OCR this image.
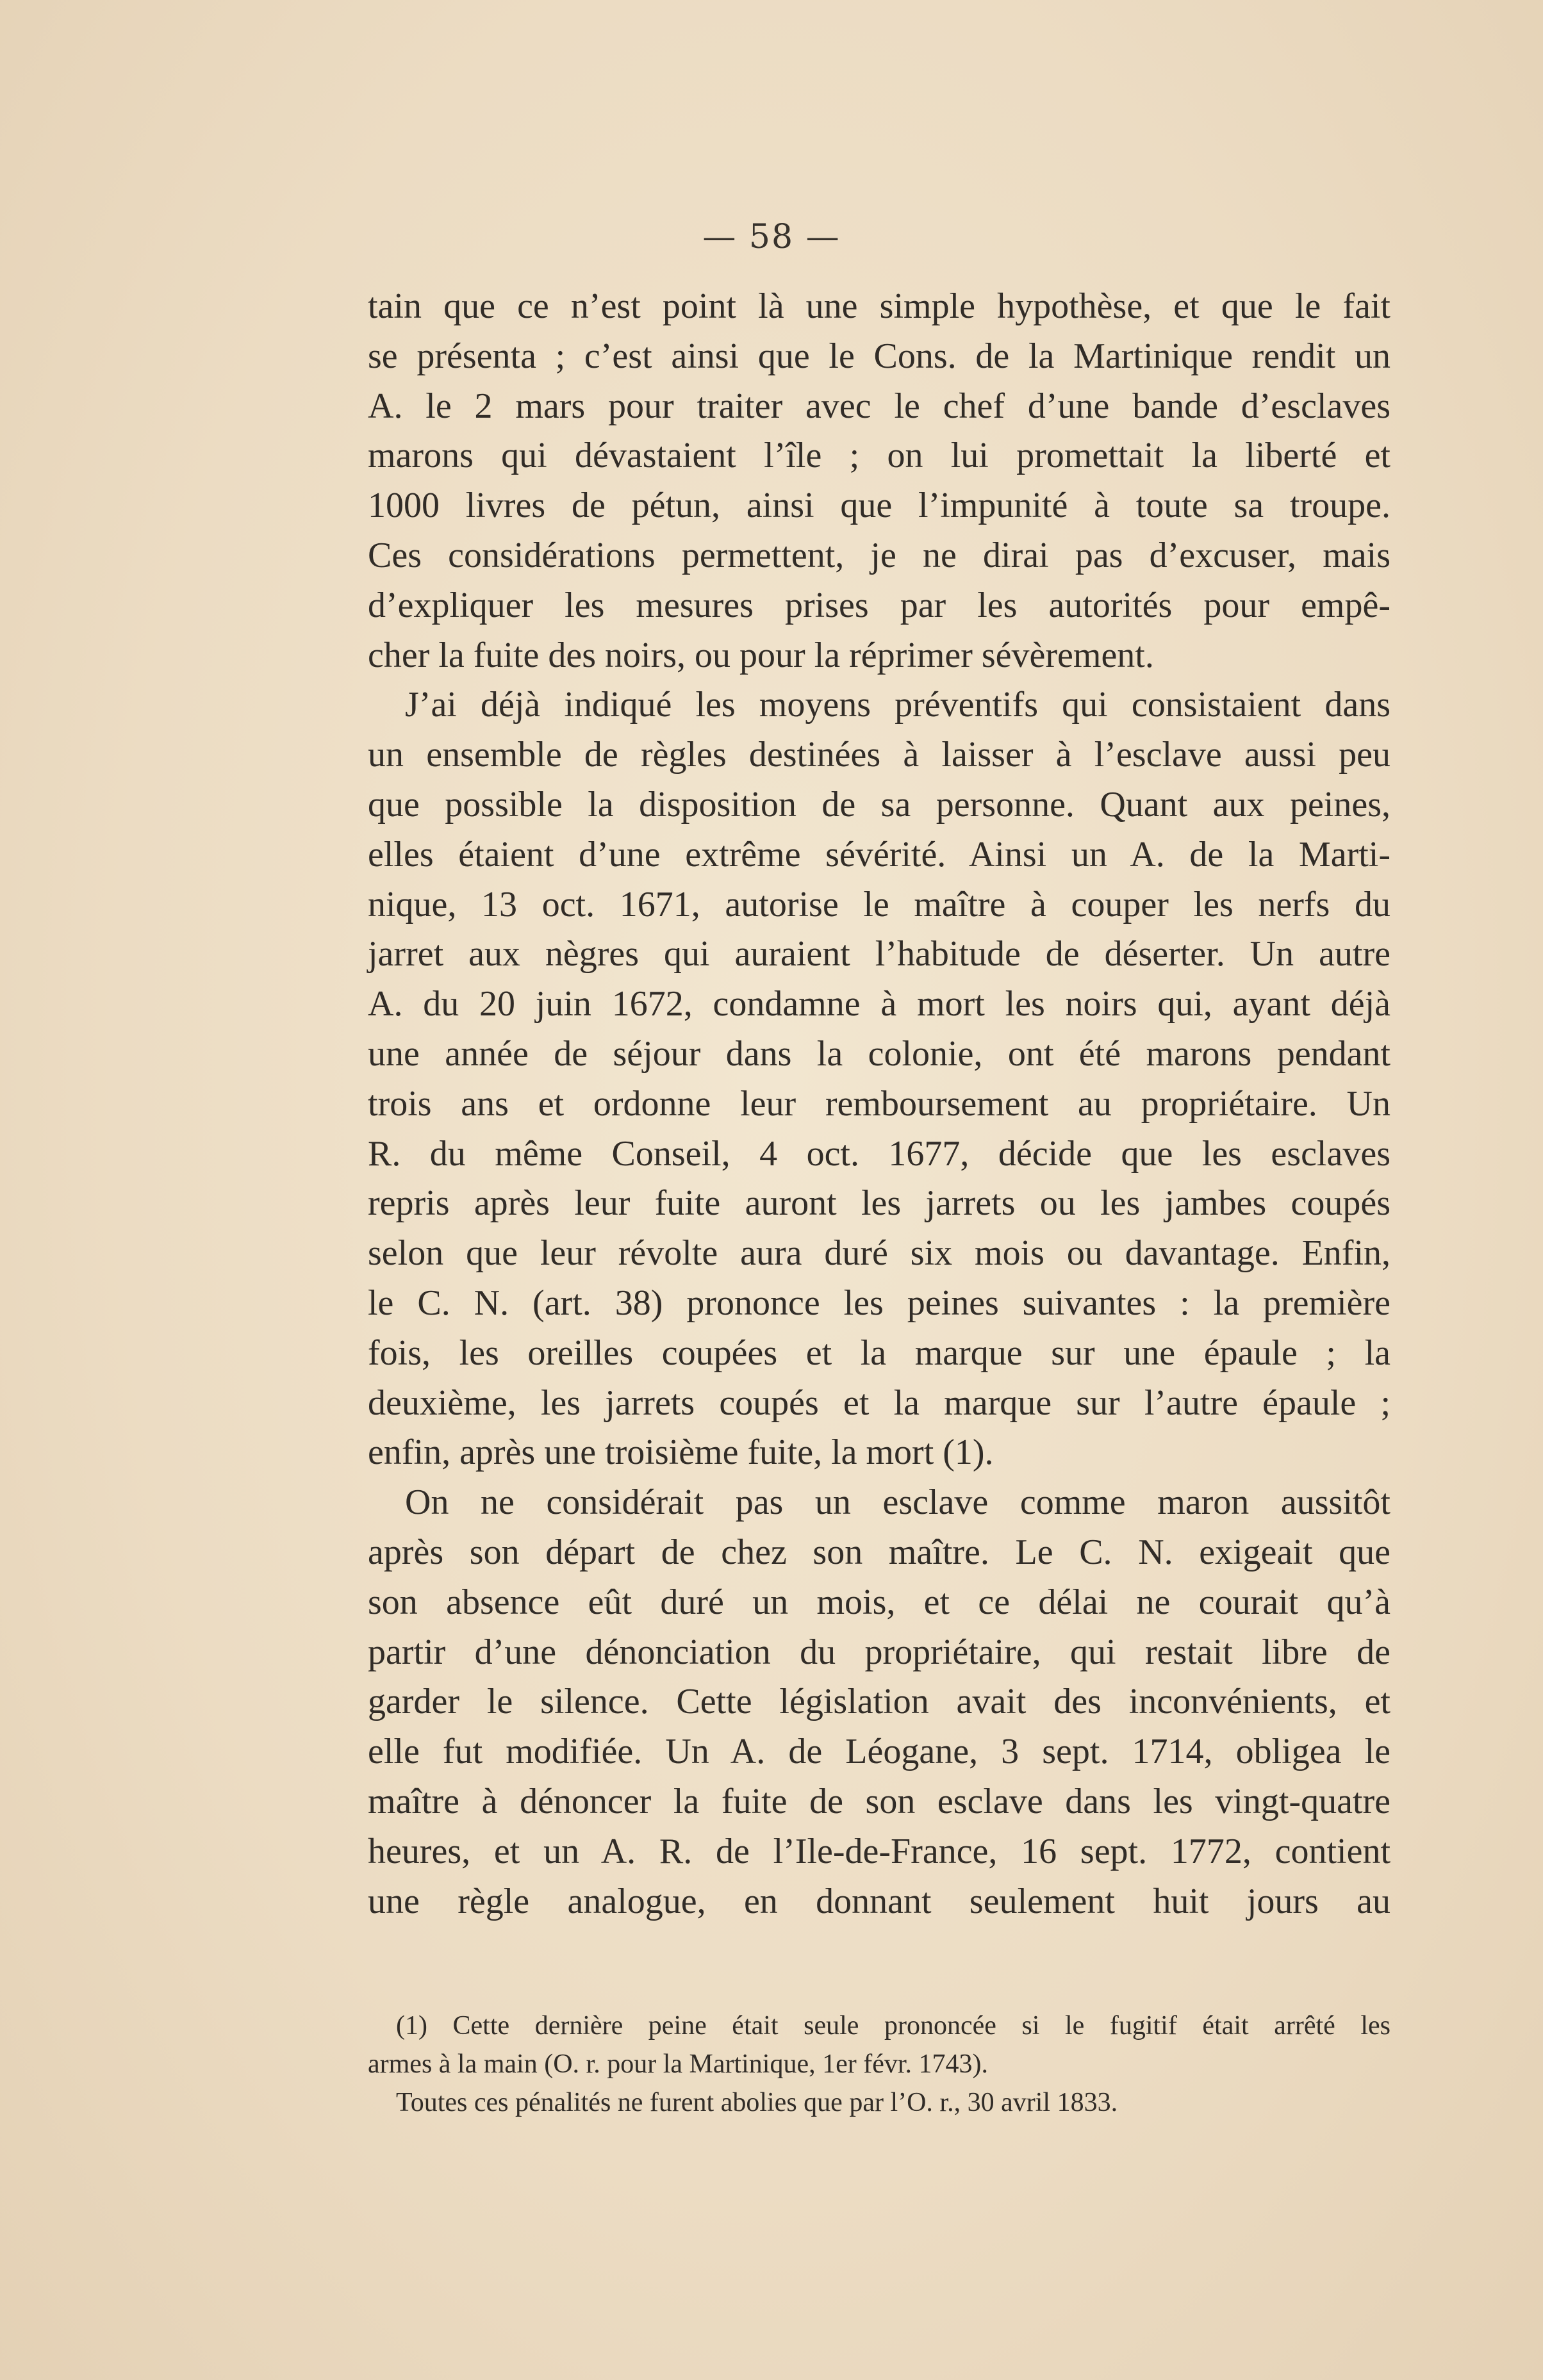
— 58 —
tain que ce n’est point là une simple hypothèse, et que le fait
se présenta ; c’est ainsi que le Cons. de la Martinique rendit un
A. le 2 mars pour traiter avec le chef d’une bande d’esclaves
marons qui dévastaient l’île ; on lui promettait la liberté et
1000 livres de pétun, ainsi que l’impunité à toute sa troupe.
Ces considérations permettent, je ne dirai pas d’excuser, mais
d’expliquer les mesures prises par les autorités pour empê-
cher la fuite des noirs, ou pour la réprimer sévèrement.
J’ai déjà indiqué les moyens préventifs qui consistaient dans
un ensemble de règles destinées à laisser à l’esclave aussi peu
que possible la disposition de sa personne. Quant aux peines,
elles étaient d’une extrême sévérité. Ainsi un A. de la Marti-
nique, 13 oct. 1671, autorise le maître à couper les nerfs du
jarret aux nègres qui auraient l’habitude de déserter. Un autre
A. du 20 juin 1672, condamne à mort les noirs qui, ayant déjà
une année de séjour dans la colonie, ont été marons pendant
trois ans et ordonne leur remboursement au propriétaire. Un
R. du même Conseil, 4 oct. 1677, décide que les esclaves
repris après leur fuite auront les jarrets ou les jambes coupés
selon que leur révolte aura duré six mois ou davantage. Enfin,
le C. N. (art. 38) prononce les peines suivantes : la première
fois, les oreilles coupées et la marque sur une épaule ; la
deuxième, les jarrets coupés et la marque sur l’autre épaule ;
enfin, après une troisième fuite, la mort (1).
On ne considérait pas un esclave comme maron aussitôt
après son départ de chez son maître. Le C. N. exigeait que
son absence eût duré un mois, et ce délai ne courait qu’à
partir d’une dénonciation du propriétaire, qui restait libre de
garder le silence. Cette législation avait des inconvénients, et
elle fut modifiée. Un A. de Léogane, 3 sept. 1714, obligea le
maître à dénoncer la fuite de son esclave dans les vingt-quatre
heures, et un A. R. de l’Ile-de-France, 16 sept. 1772, contient
une règle analogue, en donnant seulement huit jours au
(1) Cette dernière peine était seule prononcée si le fugitif était arrêté les
armes à la main (O. r. pour la Martinique, 1er févr. 1743).
Toutes ces pénalités ne furent abolies que par l’O. r., 30 avril 1833.
